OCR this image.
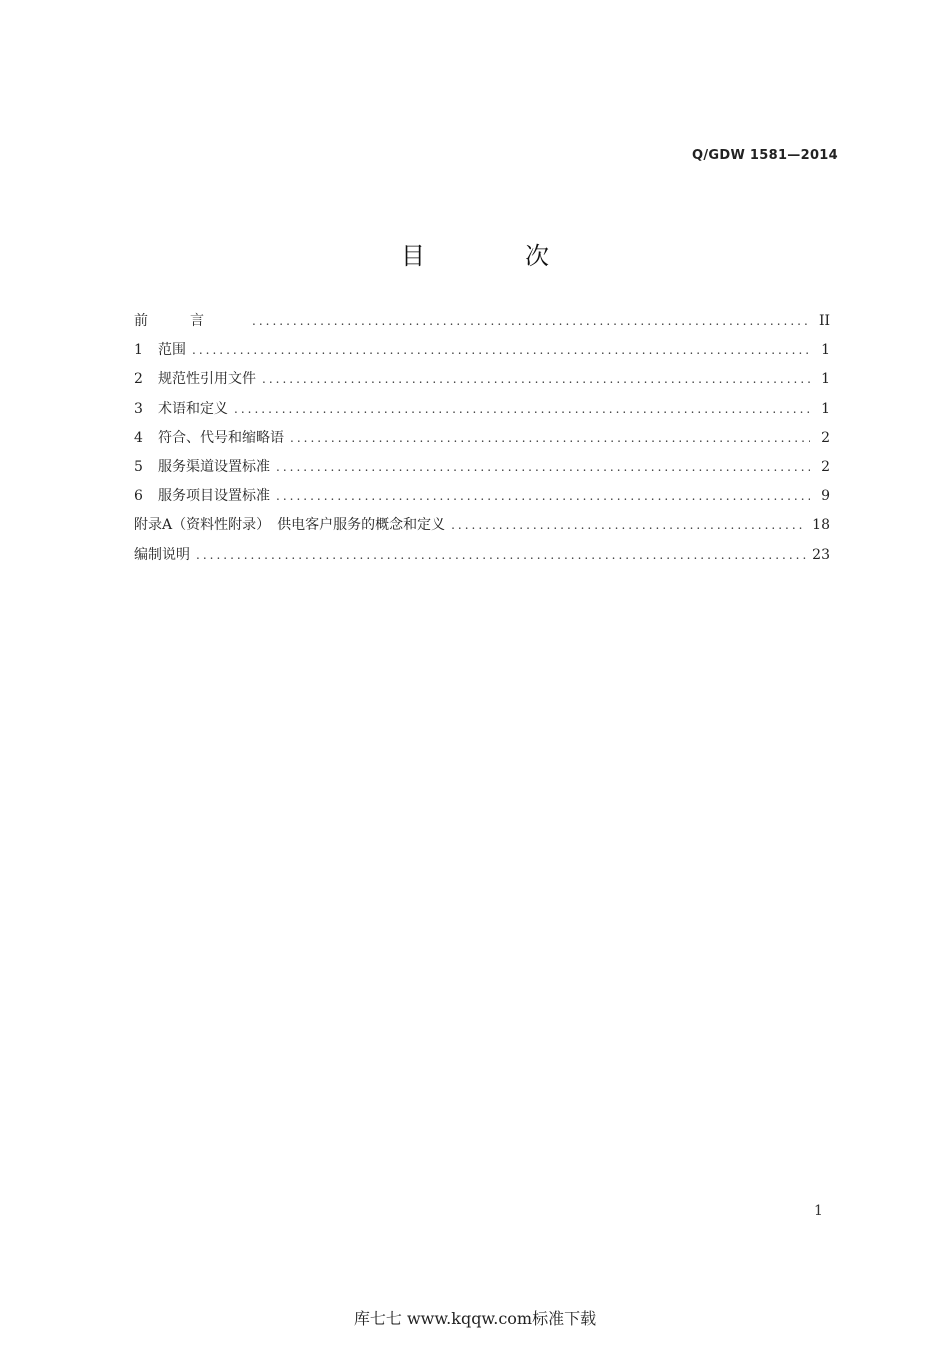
Q/GDW 1581—2014
目	次
前言 .....	II
1	范围 .....	1
2	规范性引用文件 .....	1
3	术语和定义 .....	1
4	符合、代号和缩略语 .....	2
5	服务渠道设置标准 .....	2
6	服务项目设置标准 .....	9
附录A（资料性附录）　供电客户服务的概念和定义 .....	18
编制说明 .....	23
1
库七七 www.kqqw.com标准下载
